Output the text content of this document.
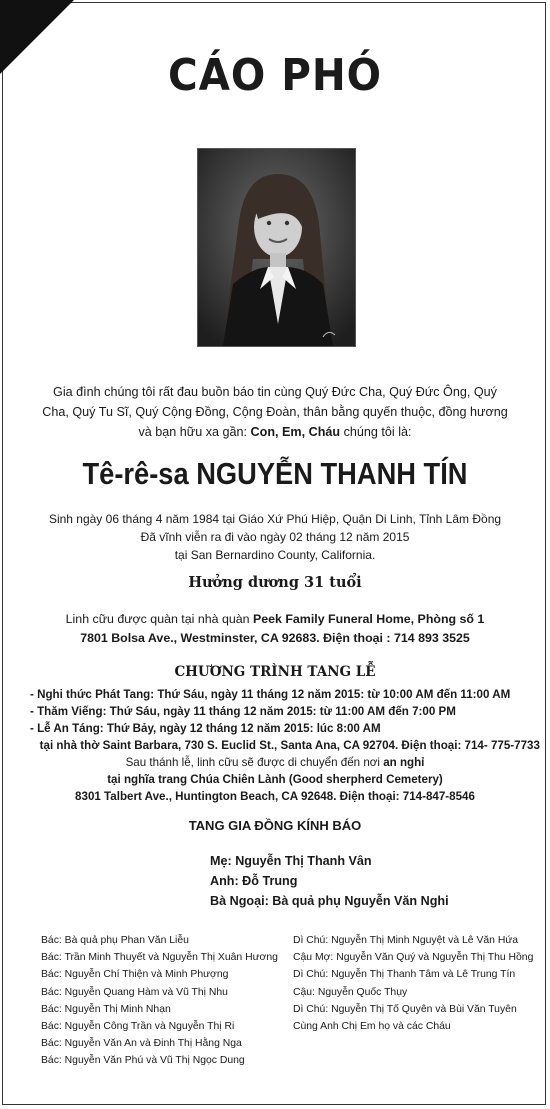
CÁO PHÓ
Gia đình chúng tôi rất đau buồn báo tin cùng Quý Đức Cha, Quý Đức Ông, Quý Cha, Quý Tu Sĩ, Quý Cộng Đồng, Cộng Đoàn, thân bằng quyến thuộc, đồng hương và bạn hữu xa gần: Con, Em, Cháu chúng tôi là:
Tê-rê-sa NGUYỄN THANH TÍN
Sinh ngày 06 tháng 4 năm 1984 tại Giáo Xứ Phú Hiệp, Quận Di Linh, Tỉnh Lâm Đồng
Đã vĩnh viễn ra đi vào ngày 02 tháng 12 năm 2015
tại San Bernardino County, California.
Hưởng dương 31 tuổi
Linh cữu được quàn tại nhà quàn Peek Family Funeral Home, Phòng số 1
7801 Bolsa Ave., Westminster, CA 92683. Điện thoại : 714 893 3525
CHƯƠNG TRÌNH TANG LỄ
- Nghi thức Phát Tang: Thứ Sáu, ngày 11 tháng 12 năm 2015: từ 10:00 AM đến 11:00 AM
- Thăm Viếng: Thứ Sáu, ngày 11 tháng 12 năm 2015: từ 11:00 AM đến 7:00 PM
- Lễ An Táng: Thứ Bảy, ngày 12 tháng 12 năm 2015: lúc 8:00 AM
tại nhà thờ Saint Barbara, 730 S. Euclid St., Santa Ana, CA 92704. Điện thoại: 714- 775-7733
Sau thánh lễ, linh cữu sẽ được di chuyển đến nơi an nghỉ
tại nghĩa trang Chúa Chiên Lành (Good sherpherd Cemetery)
8301 Talbert Ave., Huntington Beach, CA 92648. Điện thoại: 714-847-8546
TANG GIA ĐỒNG KÍNH BÁO
Mẹ: Nguyễn Thị Thanh Vân
Anh: Đỗ Trung
Bà Ngoại: Bà quả phụ Nguyễn Văn Nghi
Bác: Bà quả phụ Phan Văn Liễu
Bác: Trần Minh Thuyết và Nguyễn Thị Xuân Hương
Bác: Nguyễn Chí Thiện và Minh Phượng
Bác: Nguyễn Quang Hàm và Vũ Thị Nhu
Bác: Nguyễn Thị Minh Nhạn
Bác: Nguyễn Công Trần và Nguyễn Thị Ri
Bác: Nguyễn Văn An và Đinh Thị Hằng Nga
Bác: Nguyễn Văn Phú và Vũ Thị Ngọc Dung
Dì Chú: Nguyễn Thị Minh Nguyệt và Lê Văn Hứa
Cậu Mợ: Nguyễn Văn Quý và Nguyễn Thị Thu Hồng
Dì Chú: Nguyễn Thị Thanh Tâm và Lê Trung Tín
Cậu: Nguyễn Quốc Thụy
Dì Chú: Nguyễn Thị Tố Quyên và Bùi Văn Tuyên
Cùng Anh Chị Em họ và các Cháu
